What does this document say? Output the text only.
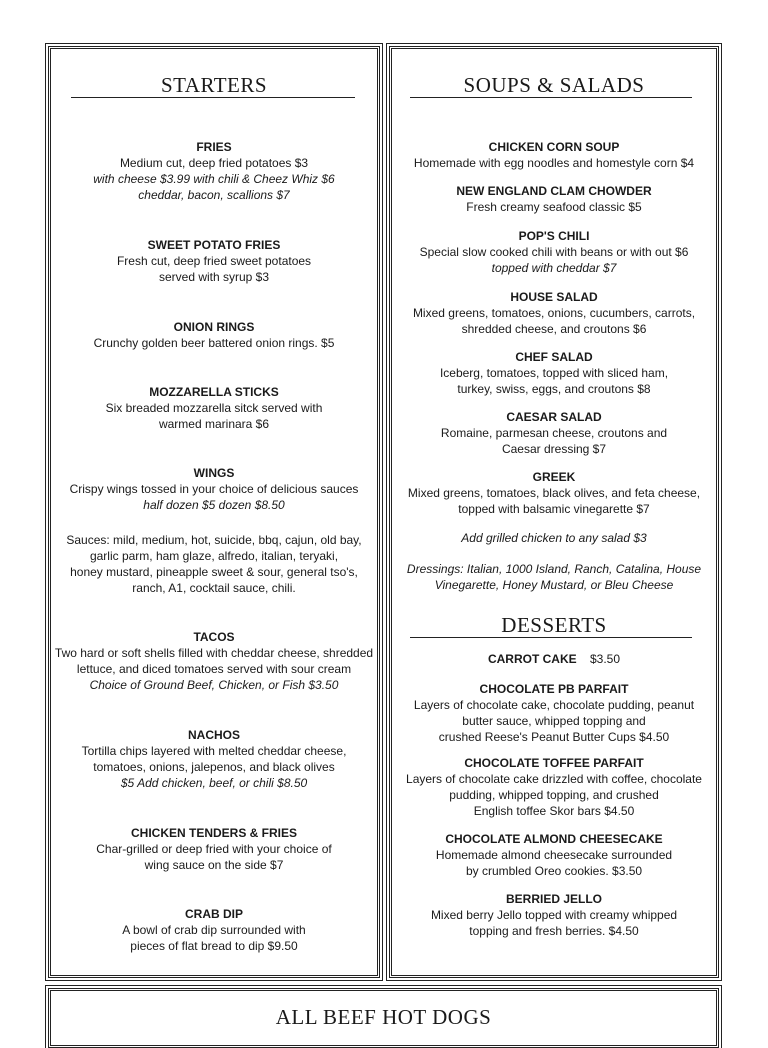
STARTERS
FRIES
Medium cut, deep fried potatoes $3
with cheese $3.99 with chili & Cheez Whiz $6
cheddar, bacon, scallions $7
SWEET POTATO FRIES
Fresh cut, deep fried sweet potatoes
served with syrup $3
ONION RINGS
Crunchy golden beer battered onion rings. $5
MOZZARELLA STICKS
Six breaded mozzarella sitck served with
warmed marinara $6
WINGS
Crispy wings tossed in your choice of delicious sauces
half dozen $5 dozen $8.50
Sauces: mild, medium, hot, suicide, bbq, cajun, old bay,
garlic parm, ham glaze, alfredo, italian, teryaki,
honey mustard, pineapple sweet & sour, general tso's,
ranch, A1, cocktail sauce, chili.
TACOS
Two hard or soft shells filled with cheddar cheese, shredded
lettuce, and diced tomatoes served with sour cream
Choice of Ground Beef, Chicken, or Fish $3.50
NACHOS
Tortilla chips layered with melted cheddar cheese,
tomatoes, onions, jalepenos, and black olives
$5 Add chicken, beef, or chili $8.50
CHICKEN TENDERS & FRIES
Char-grilled or deep fried with your choice of
wing sauce on the side $7
CRAB DIP
A bowl of crab dip surrounded with
pieces of flat bread to dip $9.50
SOUPS & SALADS
CHICKEN CORN SOUP
Homemade with egg noodles and homestyle corn $4
NEW ENGLAND CLAM CHOWDER
Fresh creamy seafood classic $5
POP'S CHILI
Special slow cooked chili with beans or with out $6
topped with cheddar $7
HOUSE SALAD
Mixed greens, tomatoes, onions, cucumbers, carrots,
shredded cheese, and croutons $6
CHEF SALAD
Iceberg, tomatoes, topped with sliced ham,
turkey, swiss, eggs, and croutons $8
CAESAR SALAD
Romaine, parmesan cheese, croutons and
Caesar dressing $7
GREEK
Mixed greens, tomatoes, black olives, and feta cheese,
topped with balsamic vinegarette $7
Add grilled chicken to any salad $3
Dressings: Italian, 1000 Island, Ranch, Catalina, House
Vinegarette, Honey Mustard, or Bleu Cheese
DESSERTS
CARROT CAKE $3.50
CHOCOLATE PB PARFAIT
Layers of chocolate cake, chocolate pudding, peanut
butter sauce, whipped topping and
crushed Reese's Peanut Butter Cups $4.50
CHOCOLATE TOFFEE PARFAIT
Layers of chocolate cake drizzled with coffee, chocolate
pudding, whipped topping, and crushed
English toffee Skor bars $4.50
CHOCOLATE ALMOND CHEESECAKE
Homemade almond cheesecake surrounded
by crumbled Oreo cookies. $3.50
BERRIED JELLO
Mixed berry Jello topped with creamy whipped
topping and fresh berries. $4.50
ALL BEEF HOT DOGS
